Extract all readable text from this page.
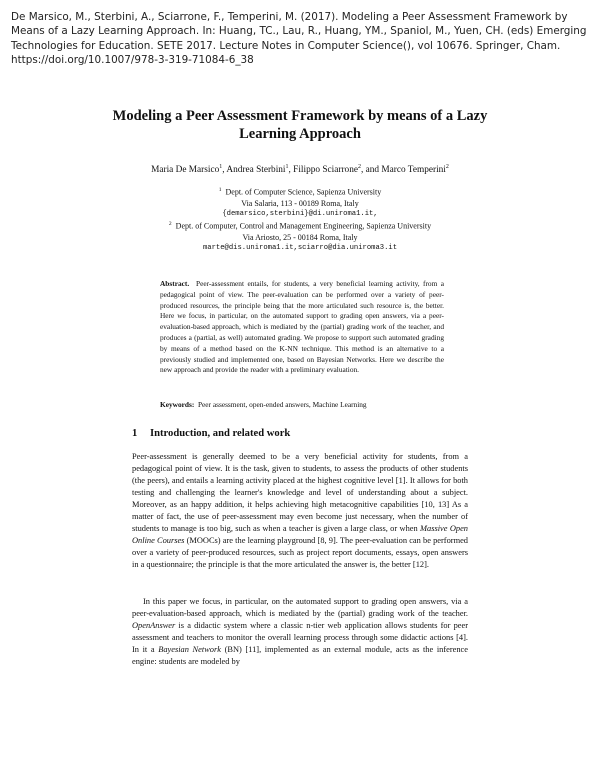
De Marsico, M., Sterbini, A., Sciarrone, F., Temperini, M. (2017). Modeling a Peer Assessment Framework by Means of a Lazy Learning Approach. In: Huang, TC., Lau, R., Huang, YM., Spaniol, M., Yuen, CH. (eds) Emerging Technologies for Education. SETE 2017. Lecture Notes in Computer Science(), vol 10676. Springer, Cham. https://doi.org/10.1007/978-3-319-71084-6_38
Modeling a Peer Assessment Framework by means of a Lazy Learning Approach
Maria De Marsico$^1$, Andrea Sterbini$^1$, Filippo Sciarrone$^2$, and Marco Temperini$^2$
$^1$ Dept. of Computer Science, Sapienza University
Via Salaria, 113 - 00189 Roma, Italy
{demarsico,sterbini}@di.uniroma1.it,
$^2$ Dept. of Computer, Control and Management Engineering, Sapienza University
Via Ariosto, 25 - 00184 Roma, Italy
marte@dis.uniroma1.it,sciarro@dia.uniroma3.it
Abstract. Peer-assessment entails, for students, a very beneficial learning activity, from a pedagogical point of view. The peer-evaluation can be performed over a variety of peer-produced resources, the principle being that the more articulated such resource is, the better. Here we focus, in particular, on the automated support to grading open answers, via a peer-evaluation-based approach, which is mediated by the (partial) grading work of the teacher, and produces a (partial, as well) automated grading. We propose to support such automated grading by means of a method based on the K-NN technique. This method is an alternative to a previously studied and implemented one, based on Bayesian Networks. Here we describe the new approach and provide the reader with a preliminary evaluation.
Keywords: Peer assessment, open-ended answers, Machine Learning
1 Introduction, and related work

Peer-assessment is generally deemed to be a very beneficial activity for students, from a pedagogical point of view. It is the task, given to students, to assess the products of other students (the peers), and entails a learning activity placed at the highest cognitive level [1]. It allows for both testing and challenging the learner's knowledge and level of understanding about a subject. Moreover, as an happy addition, it helps achieving high metacognitive capabilities [10, 13] As a matter of fact, the use of peer-assessment may even become just necessary, when the number of students to manage is too big, such as when a teacher is given a large class, or when Massive Open Online Courses (MOOCs) are the learning playground [8, 9]. The peer-evaluation can be performed over a variety of peer-produced resources, such as project report documents, essays, open answers in a questionnaire; the principle is that the more articulated the answer is, the better [12].

In this paper we focus, in particular, on the automated support to grading open answers, via a peer-evaluation-based approach, which is mediated by the (partial) grading work of the teacher. OpenAnswer is a didactic system where a classic n-tier web application allows students for peer assessment and teachers to monitor the overall learning process through some didactic actions [4]. In it a Bayesian Network (BN) [11], implemented as an external module, acts as the inference engine: students are modeled by
